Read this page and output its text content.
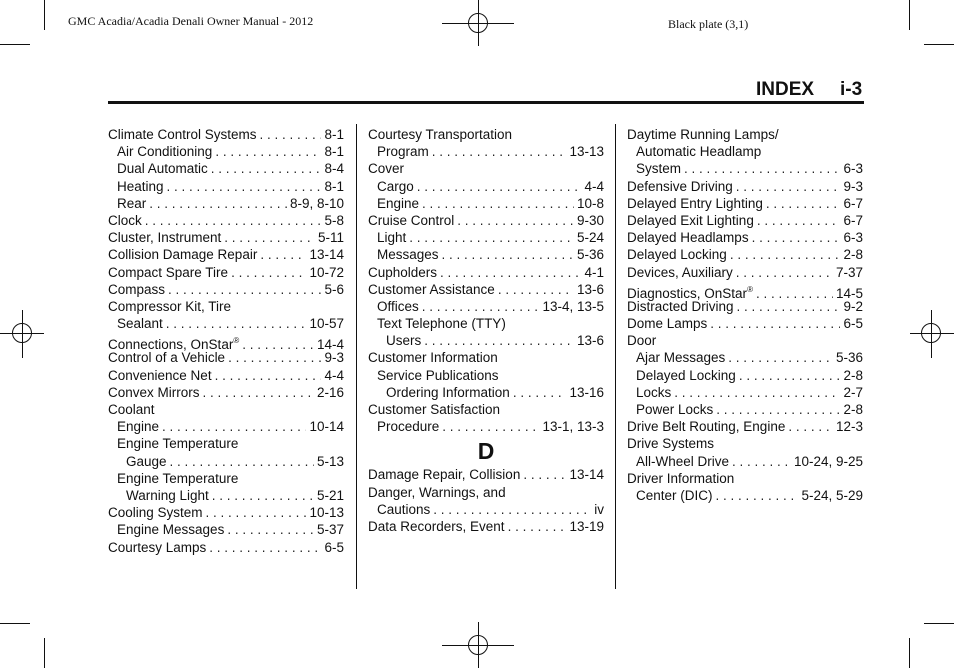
GMC Acadia/Acadia Denali Owner Manual - 2012	Black plate (3,1)
INDEX i-3
Climate Control Systems . . .	8-1
Air Conditioning . . .	8-1
Dual Automatic . . .	8-4
Heating . . .	8-1
Rear . . .	8-9, 8-10
Clock . . .	5-8
Cluster, Instrument . . .	5-11
Collision Damage Repair . . .	13-14
Compact Spare Tire . . .	10-72
Compass . . .	5-6
Compressor Kit, Tire
Sealant . . .	10-57
Connections, OnStar® . . .	14-4
Control of a Vehicle . . .	9-3
Convenience Net . . .	4-4
Convex Mirrors . . .	2-16
Coolant
Engine . . .	10-14
Engine Temperature
Gauge . . .	5-13
Engine Temperature
Warning Light . . .	5-21
Cooling System . . .	10-13
Engine Messages . . .	5-37
Courtesy Lamps . . .	6-5
Courtesy Transportation
Program . . .	13-13
Cover
Cargo . . .	4-4
Engine . . .	10-8
Cruise Control . . .	9-30
Light . . .	5-24
Messages . . .	5-36
Cupholders . . .	4-1
Customer Assistance . . .	13-6
Offices . . .	13-4, 13-5
Text Telephone (TTY)
Users . . .	13-6
Customer Information
Service Publications
Ordering Information . . .	13-16
Customer Satisfaction
Procedure . . .	13-1, 13-3
D
Damage Repair, Collision . . .	13-14
Danger, Warnings, and
Cautions . . .	iv
Data Recorders, Event . . .	13-19
Daytime Running Lamps/
Automatic Headlamp
System . . .	6-3
Defensive Driving . . .	9-3
Delayed Entry Lighting . . .	6-7
Delayed Exit Lighting . . .	6-7
Delayed Headlamps . . .	6-3
Delayed Locking . . .	2-8
Devices, Auxiliary . . .	7-37
Diagnostics, OnStar® . . .	14-5
Distracted Driving . . .	9-2
Dome Lamps . . .	6-5
Door
Ajar Messages . . .	5-36
Delayed Locking . . .	2-8
Locks . . .	2-7
Power Locks . . .	2-8
Drive Belt Routing, Engine . . .	12-3
Drive Systems
All-Wheel Drive . . .	10-24, 9-25
Driver Information
Center (DIC) . . .	5-24, 5-29
